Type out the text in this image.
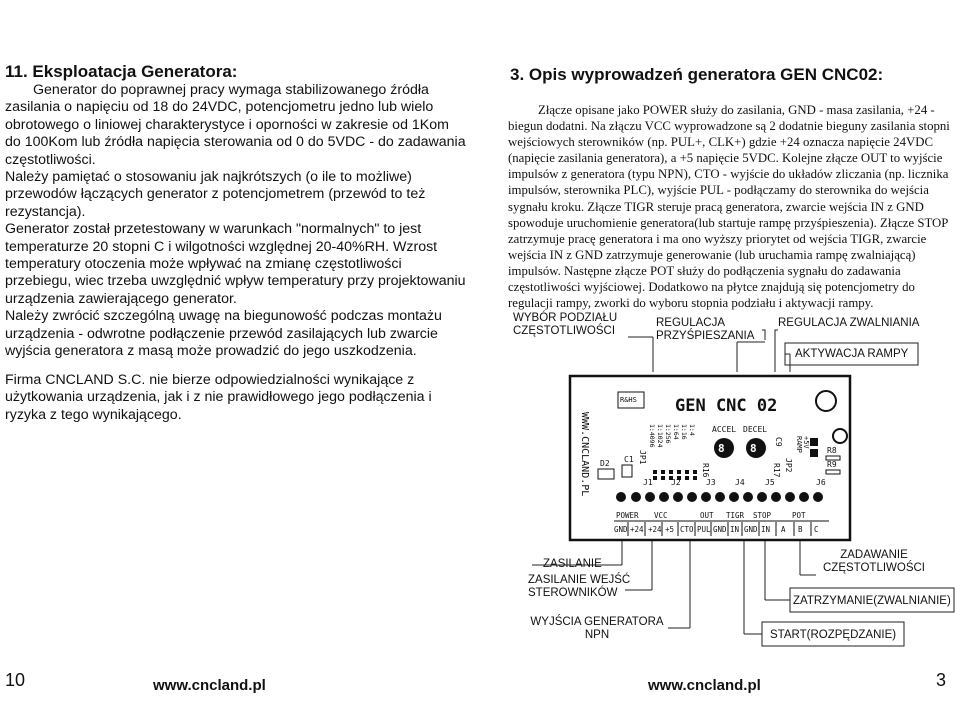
11. Eksploatacja Generatora:

Generator do poprawnej pracy wymaga stabilizowanego źródła zasilania o napięciu od 18 do 24VDC, potencjometru jedno lub wielo obrotowego o liniowej charakterystyce i oporności w zakresie od 1Kom do 100Kom lub źródła napięcia sterowania od 0 do 5VDC - do zadawania częstotliwości.

Należy pamiętać o stosowaniu jak najkrótszych (o ile to możliwe) przewodów łączących generator z potencjometrem (przewód to też rezystancja).

Generator został przetestowany w warunkach "normalnych" to jest temperaturze 20 stopni C i wilgotności względnej 20-40%RH. Wzrost temperatury otoczenia może wpływać na zmianę częstotliwości przebiegu, wiec trzeba uwzględnić wpływ temperatury przy projektowaniu urządzenia zawierającego generator.

Należy zwrócić szczególną uwagę na biegunowość podczas montażu urządzenia - odwrotne podłączenie przewód zasilających lub zwarcie wyjścia generatora z masą może prowadzić do jego uszkodzenia.

Firma CNCLAND S.C. nie bierze odpowiedzialności wynikające z użytkowania urządzenia, jak i z nie prawidłowego jego podłączenia i ryzyka z tego wynikającego.
3. Opis wyprowadzeń generatora GEN CNC02:

Złącze opisane jako POWER służy do zasilania, GND - masa zasilania, +24 - biegun dodatni. Na złączu VCC wyprowadzone są 2 dodatnie bieguny zasilania stopni wejściowych sterowników (np. PUL+, CLK+) gdzie +24 oznacza napięcie 24VDC (napięcie zasilania generatora), a +5 napięcie 5VDC. Kolejne złącze OUT to wyjście impulsów z generatora (typu NPN), CTO - wyjście do układów zliczania (np. licznika impulsów, sterownika PLC), wyjście PUL - podłączamy do sterownika do wejścia sygnału kroku. Złącze TIGR steruje pracą generatora, zwarcie wejścia IN z GND spowoduje uruchomienie generatora(lub startuje rampę przyśpieszenia). Złącze STOP zatrzymuje pracę generatora i ma ono wyższy priorytet od wejścia TIGR, zwarcie wejścia IN z GND zatrzymuje generowanie (lub uruchamia rampę zwalniającą) impulsów. Następne złącze POT służy do podłączenia sygnału do zadawania częstotliwości wyjściowej. Dodatkowo na płytce znajdują się potencjometry do regulacji rampy, zworki do wyboru stopnia podziału i aktywacji rampy.

WYBÓR PODZIAŁU
CZĘSTOTLIWOŚCI
REGULACJA
PRZYŚPIESZANIA
REGULACJA ZWALNIANIA
AKTYWACJA RAMPY
ZASILANIE
ZASILANIE WEJŚĆ
STEROWNIKÓW
WYJŚCIA GENERATORA
NPN
ZADAWANIE
CZĘSTOTLIWOŚCI
ZATRZYMANIE(ZWALNIANIE)
START(ROZPĘDZANIE)
WWW.CNCLAND.PL
R&HS GEN CNC 02
1:4096 1:1024 1:256 1:64 1:16 1:4
D2 C1 JP1
R16	R17
C9
JP2
R8
R9
ACCEL DECEL
8 8	RAMP +5V
J1 J2	J3 J4	J5	J6
POWER VCC	OUT TIGR STOP	POT
GND +24 +24 +5 CTO PUL GND IN GND IN A B C
10	www.cncland.pl	www.cncland.pl	3
